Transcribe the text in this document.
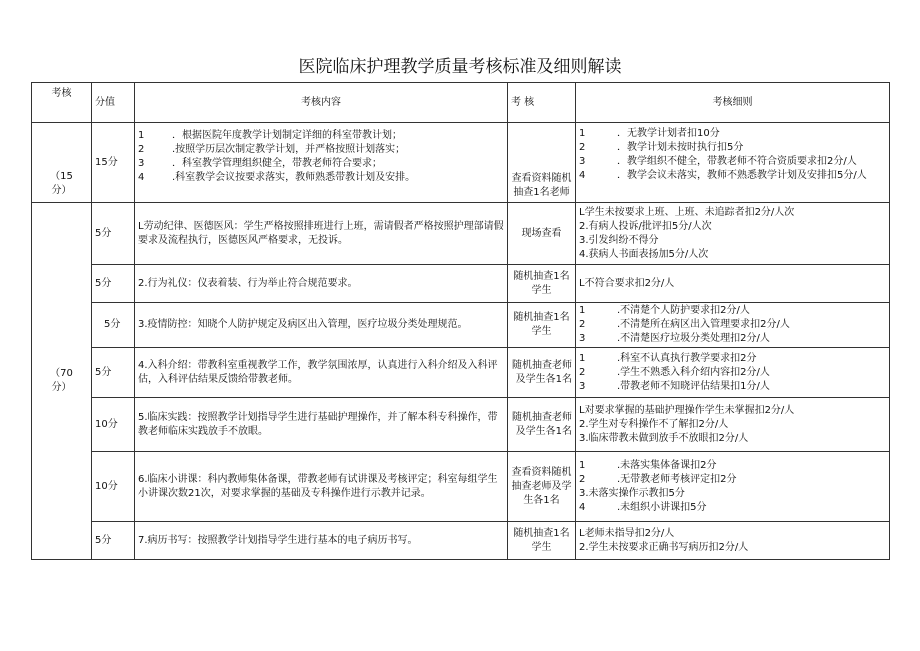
医院临床护理教学质量考核标准及细则解读
考核	分值	考核内容	考 核	考核细则

（15
分）	15分	1 ．根据医院年度教学计划制定详细的科室带教计划；
2 .按照学历层次制定教学计划，并严格按照计划落实；
3 ．科室教学管理组织健全，带教老师符合要求；
4 .科室教学会议按要求落实，教师熟悉带教计划及安排。	查看资料随机抽查1名老师	1 ．无教学计划者扣10分
2 ．教学计划未按时执行扣5分
3 ．教学组织不健全，带教老师不符合资质要求扣2分/人
4 ．教学会议未落实，教师不熟悉教学计划及安排扣5分/人

（70
分）	5分	L劳动纪律、医德医风：学生严格按照排班进行上班，需请假者严格按照护理部请假要求及流程执行，医德医风严格要求，无投诉。	现场查看	L学生未按要求上班、上班、未追踪者扣2分/人次
2.有病人投诉/批评扣5分/人次
3.引发纠纷不得分
4.获病人书面表扬加5分/人次

	5分	2.行为礼仪：仪表着装、行为举止符合规范要求。	随机抽查1名学生	L不符合要求扣2分/人

	5分	3.疫情防控：知晓个人防护规定及病区出入管理，医疗垃圾分类处理规范。	随机抽查1名学生	1 .不清楚个人防护要求扣2分/人
2 .不清楚所在病区出入管理要求扣2分/人
3 .不清楚医疗垃圾分类处理扣2分/人

	5分	4.入科介绍：带教科室重视教学工作，教学氛围浓厚，认真进行入科介绍及入科评估，入科评估结果反馈给带教老师。	随机抽查老师及学生各1名	1 .科室不认真执行教学要求扣2分
2 .学生不熟悉入科介绍内容扣2分/人
3 .带教老师不知晓评估结果扣1分/人

	10分	5.临床实践：按照教学计划指导学生进行基础护理操作，并了解本科专科操作，带教老师临床实践放手不放眼。	随机抽查老师及学生各1名	L对要求掌握的基础护理操作学生未掌握扣2分/人
2.学生对专科操作不了解扣2分/人
3.临床带教未做到放手不放眼扣2分/人

	10分	6.临床小讲课：科内教师集体备课，带教老师有试讲课及考核评定；科室每组学生小讲课次数21次，对要求掌握的基础及专科操作进行示教并记录。	查看资料随机抽查老师及学生各1名	1 .未落实集体备课扣2分
2 .无带教老师考核评定扣2分
3.未落实操作示教扣5分
4 .未组织小讲课扣5分

	5分	7.病历书写：按照教学计划指导学生进行基本的电子病历书写。	随机抽查1名学生	L老师未指导扣2分/人
2.学生未按要求正确书写病历扣2分/人
